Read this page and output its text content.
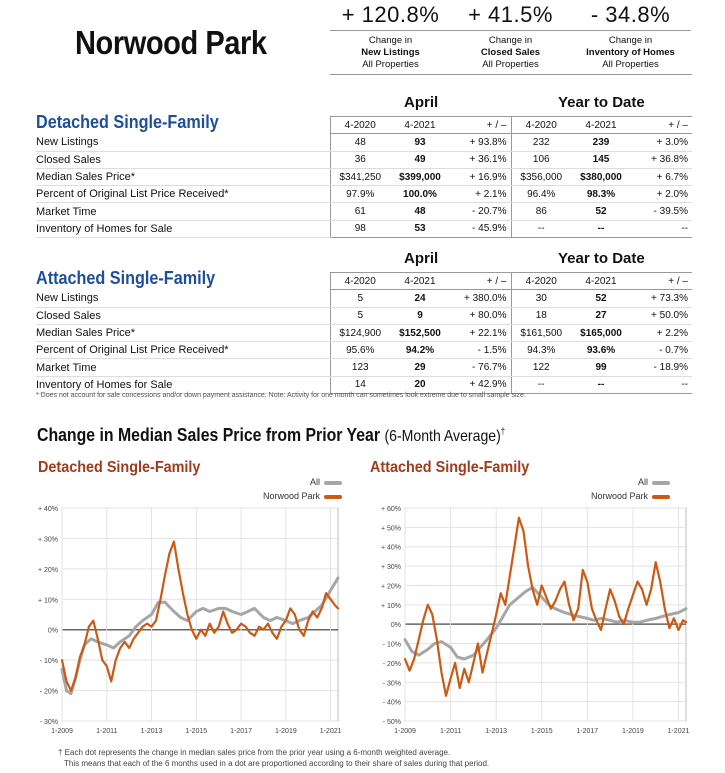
Norwood Park
+ 120.8%
Change in
New Listings
All Properties
+ 41.5%
Change in
Closed Sales
All Properties
- 34.8%
Change in
Inventory of Homes
All Properties
April	Year to Date
Detached Single-Family
		4-2020	4-2021	+ / –	4-2020	4-2021	+ / –
New Listings	48	93	+ 93.8%	232	239	+ 3.0%
Closed Sales	36	49	+ 36.1%	106	145	+ 36.8%
Median Sales Price*	$341,250	$399,000	+ 16.9%	$356,000	$380,000	+ 6.7%
Percent of Original List Price Received*	97.9%	100.0%	+ 2.1%	96.4%	98.3%	+ 2.0%
Market Time	61	48	- 20.7%	86	52	- 39.5%
Inventory of Homes for Sale	98	53	- 45.9%	--	--	--
April	Year to Date
Attached Single-Family
		4-2020	4-2021	+ / –	4-2020	4-2021	+ / –
New Listings	5	24	+ 380.0%	30	52	+ 73.3%
Closed Sales	5	9	+ 80.0%	18	27	+ 50.0%
Median Sales Price*	$124,900	$152,500	+ 22.1%	$161,500	$165,000	+ 2.2%
Percent of Original List Price Received*	95.6%	94.2%	- 1.5%	94.3%	93.6%	- 0.7%
Market Time	123	29	- 76.7%	122	99	- 18.9%
Inventory of Homes for Sale	14	20	+ 42.9%	--	--	--
* Does not account for sale concessions and/or down payment assistance. Note: Activity for one month can sometimes look extreme due to small sample size.
Change in Median Sales Price from Prior Year (6-Month Average)†
Detached Single-Family	Attached Single-Family
All
Norwood Park
All
Norwood Park
+ 40%
+ 30%
+ 20%
+ 10%
0%
- 10%
- 20%
- 30%
1-2009	1-2011	1-2013	1-2015	1-2017	1-2019	1-2021
+ 60%
+ 50%
+ 40%
+ 30%
+ 20%
+ 10%
0%
- 10%
- 20%
- 30%
- 40%
- 50%
1-2009	1-2011	1-2013	1-2015	1-2017	1-2019	1-2021
† Each dot represents the change in median sales price from the prior year using a 6-month weighted average.
This means that each of the 6 months used in a dot are proportioned according to their share of sales during that period.
